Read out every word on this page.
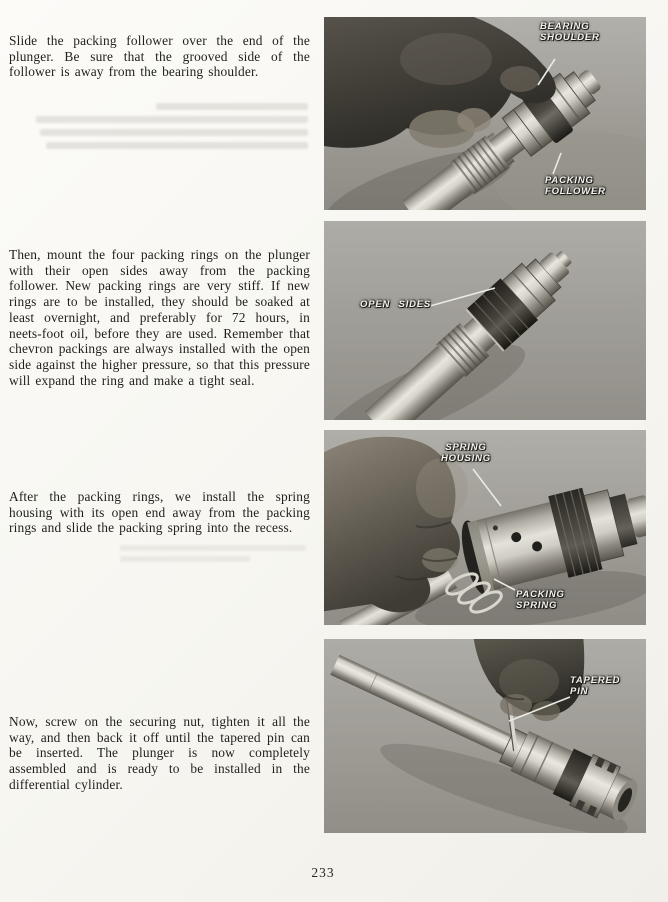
Slide the packing follower over the end of the plunger. Be sure that the grooved side of the follower is away from the bearing shoulder.

Then, mount the four packing rings on the plunger with their open sides away from the packing follower. New packing rings are very stiff. If new rings are to be installed, they should be soaked at least overnight, and preferably for 72 hours, in neets-foot oil, before they are used. Remember that chevron packings are always installed with the open side against the higher pressure, so that this pressure will expand the ring and make a tight seal.

After the packing rings, we install the spring housing with its open end away from the packing rings and slide the packing spring into the recess.

Now, screw on the securing nut, tighten it all the way, and then back it off until the tapered pin can be inserted. The plunger is now completely assembled and is ready to be installed in the differential cylinder.

BEARING
SHOULDER
PACKING
FOLLOWER
OPEN SIDES
SPRING
HOUSING
PACKING
SPRING
TAPERED
PIN
233
